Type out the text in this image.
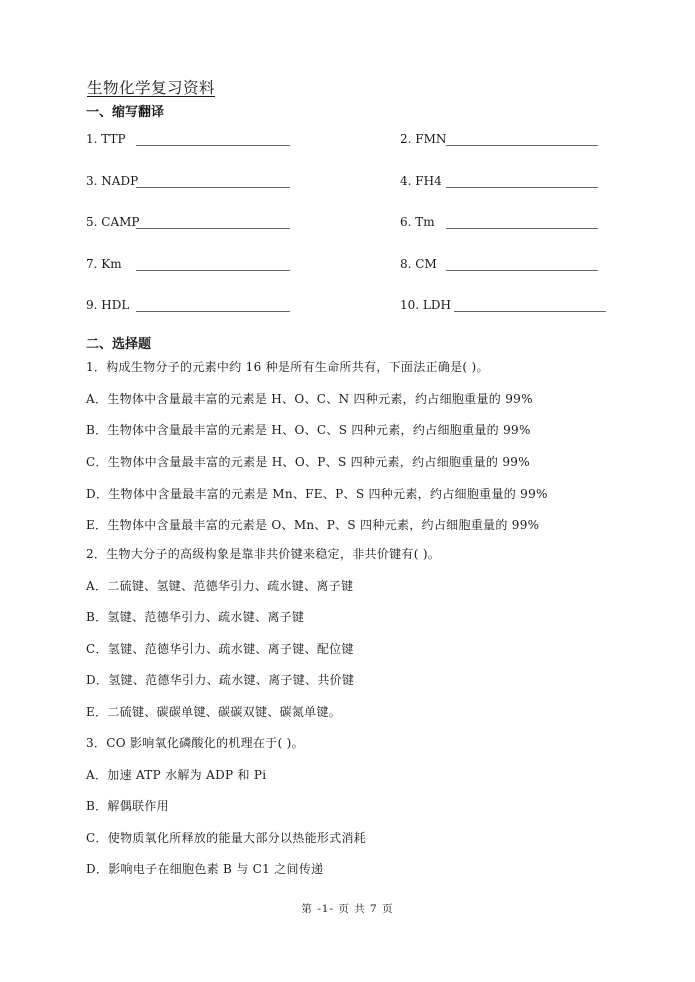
生物化学复习资料
一、缩写翻译
1. TTP
3. NADP
5. CAMP
7. Km
9. HDL
2. FMN
4. FH4
6. Tm
8. CM
10. LDH
二、选择题
1．构成生物分子的元素中约 16 种是所有生命所共有，下面法正确是( )。
A．生物体中含量最丰富的元素是 H、O、C、N 四种元素，约占细胞重量的 99%
B．生物体中含量最丰富的元素是 H、O、C、S 四种元素，约占细胞重量的 99%
C．生物体中含量最丰富的元素是 H、O、P、S 四种元素，约占细胞重量的 99%
D．生物体中含量最丰富的元素是 Mn、FE、P、S 四种元素，约占细胞重量的 99%
E．生物体中含量最丰富的元素是 O、Mn、P、S 四种元素，约占细胞重量的 99%
2．生物大分子的高级构象是靠非共价键来稳定，非共价键有( )。
A．二硫键、氢键、范德华引力、疏水键、离子键
B．氢键、范德华引力、疏水键、离子键
C．氢键、范德华引力、疏水键、离子键、配位键
D．氢键、范德华引力、疏水键、离子键、共价键
E．二硫键、碳碳单键、碳碳双键、碳氮单键。
3．CO 影响氧化磷酸化的机理在于( )。
A．加速 ATP 水解为 ADP 和 Pi
B．解偶联作用
C．使物质氧化所释放的能量大部分以热能形式消耗
D．影响电子在细胞色素 B 与 C1 之间传递
第 -1- 页 共 7 页
